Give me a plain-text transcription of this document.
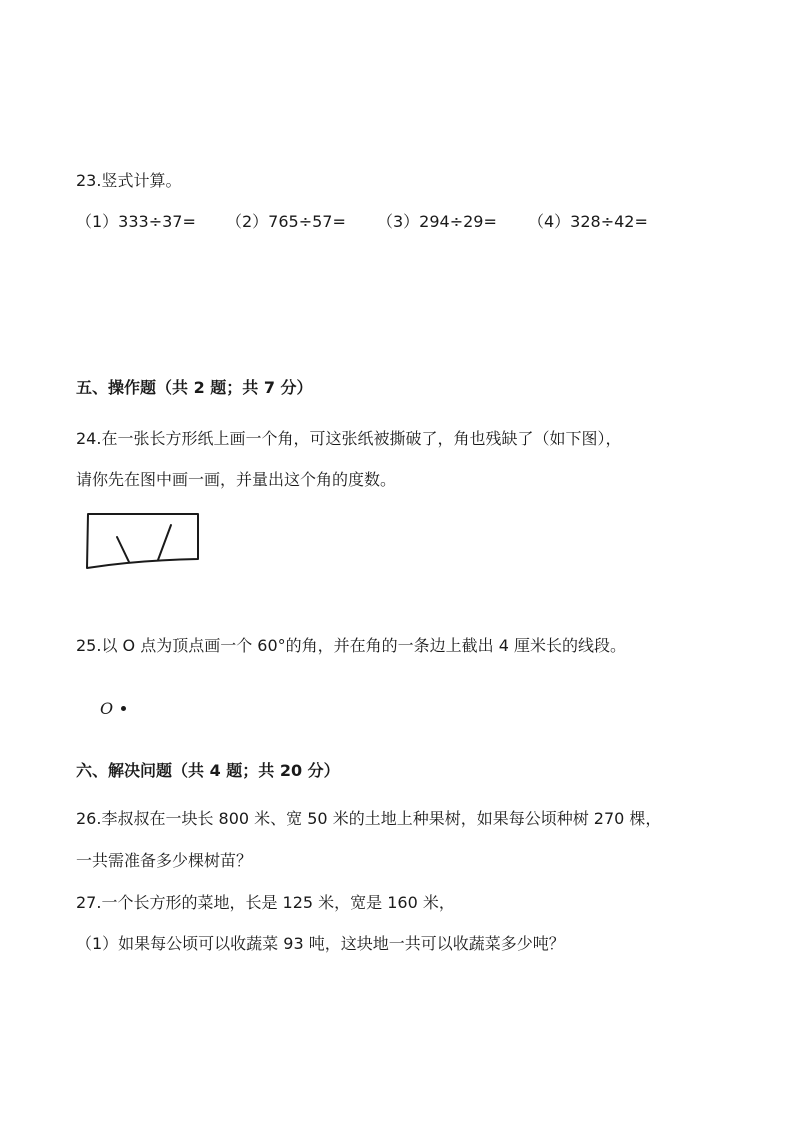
23.竖式计算。
（1）333÷37= （2）765÷57= （3）294÷29= （4）328÷42=
五、操作题（共 2 题；共 7 分）
24.在一张长方形纸上画一个角，可这张纸被撕破了，角也残缺了（如下图），
请你先在图中画一画，并量出这个角的度数。
25.以 O 点为顶点画一个 60°的角，并在角的一条边上截出 4 厘米长的线段。
O
六、解决问题（共 4 题；共 20 分）
26.李叔叔在一块长 800 米、宽 50 米的土地上种果树，如果每公顷种树 270 棵，
一共需准备多少棵树苗？
27.一个长方形的菜地，长是 125 米，宽是 160 米，
（1）如果每公顷可以收蔬菜 93 吨，这块地一共可以收蔬菜多少吨？
